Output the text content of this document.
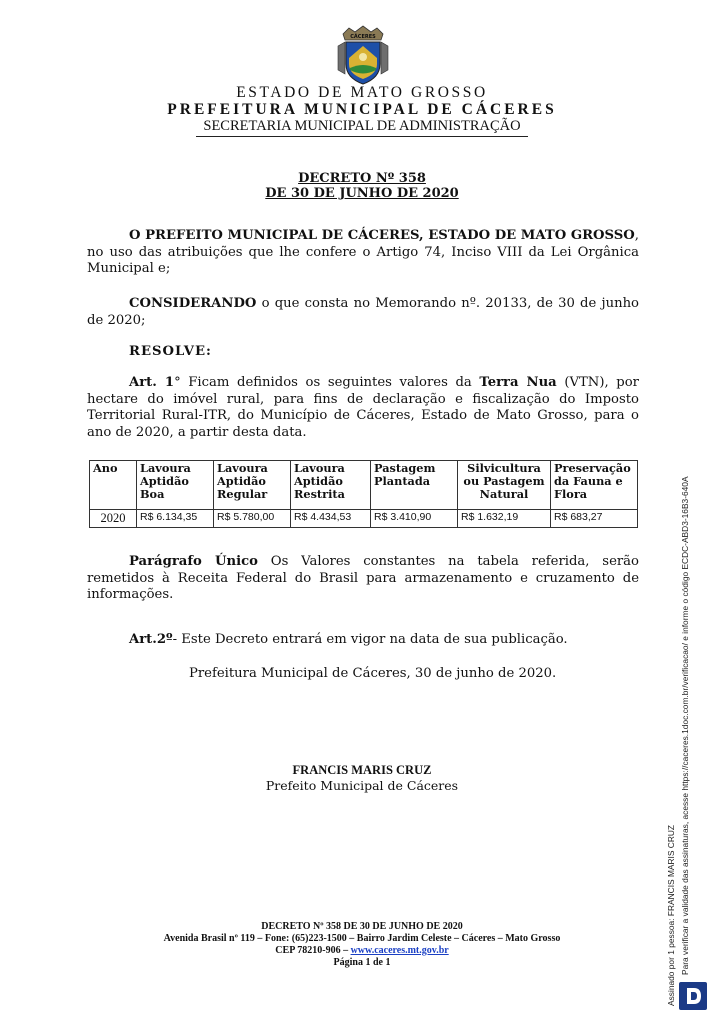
CÁCERES
ESTADO DE MATO GROSSO
PREFEITURA MUNICIPAL DE CÁCERES
SECRETARIA MUNICIPAL DE ADMINISTRAÇÃO
DECRETO Nº 358
DE 30 DE JUNHO DE 2020
O PREFEITO MUNICIPAL DE CÁCERES, ESTADO DE MATO GROSSO, no uso das atribuições que lhe confere o Artigo 74, Inciso VIII da Lei Orgânica Municipal e;
CONSIDERANDO o que consta no Memorando nº. 20133, de 30 de junho de 2020;
RESOLVE:
Art. 1° Ficam definidos os seguintes valores da Terra Nua (VTN), por hectare do imóvel rural, para fins de declaração e fiscalização do Imposto Territorial Rural-ITR, do Município de Cáceres, Estado de Mato Grosso, para o ano de 2020, a partir desta data.
Ano	Lavoura Aptidão Boa	Lavoura Aptidão Regular	Lavoura Aptidão Restrita	Pastagem Plantada	Silvicultura ou Pastagem Natural	Preservação da Fauna e Flora
2020	R$ 6.134,35	R$ 5.780,00	R$ 4.434,53	R$ 3.410,90	R$ 1.632,19	R$ 683,27
Parágrafo Único Os Valores constantes na tabela referida, serão remetidos à Receita Federal do Brasil para armazenamento e cruzamento de informações.
Art.2º- Este Decreto entrará em vigor na data de sua publicação.
Prefeitura Municipal de Cáceres, 30 de junho de 2020.
FRANCIS MARIS CRUZ
Prefeito Municipal de Cáceres
DECRETO Nº 358 DE 30 DE JUNHO DE 2020
Avenida Brasil nº 119 – Fone: (65)223-1500 – Bairro Jardim Celeste – Cáceres – Mato Grosso
CEP 78210-906 – www.caceres.mt.gov.br
Página 1 de 1	Assinado por 1 pessoa: FRANCIS MARIS CRUZ Para verificar a validade das assinaturas, acesse https://caceres.1doc.com.br/verificacao/ e informe o código ECDC-ABD3-16B3-640A
D
